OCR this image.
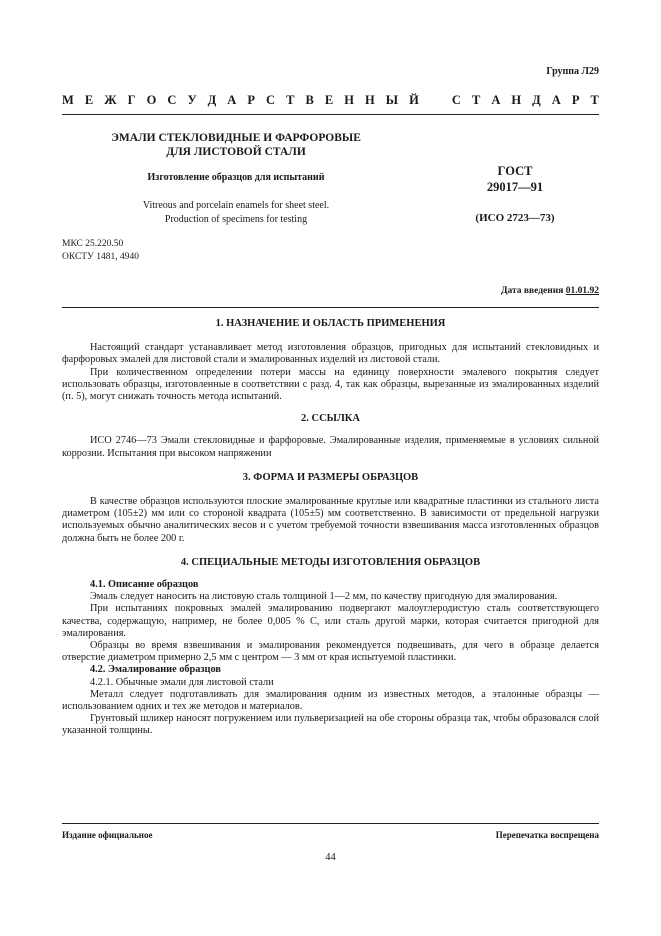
Группа Л29
М Е Ж Г О С У Д А Р С Т В Е Н Н Ы Й	С Т А Н Д А Р Т
ЭМАЛИ СТЕКЛОВИДНЫЕ И ФАРФОРОВЫЕ
ДЛЯ ЛИСТОВОЙ СТАЛИ
Изготовление образцов для испытаний
Vitreous and porcelain enamels for sheet steel.
Production of specimens for testing
ГОСТ
29017—91
(ИСО 2723—73)
МКС 25.220.50
ОКСТУ 1481, 4940
Дата введения 01.01.92
1. НАЗНАЧЕНИЕ И ОБЛАСТЬ ПРИМЕНЕНИЯ

Настоящий стандарт устанавливает метод изготовления образцов, пригодных для испытаний стекловидных и фарфоровых эмалей для листовой стали и эмалированных изделий из листовой стали.

При количественном определении потери массы на единицу поверхности эмалевого покрытия следует использовать образцы, изготовленные в соответствии с разд. 4, так как образцы, вырезанные из эмалированных изделий (п. 5), могут снижать точность метода испытаний.

2. ССЫЛКА

ИСО 2746—73 Эмали стекловидные и фарфоровые. Эмалированные изделия, применяемые в условиях сильной коррозии. Испытания при высоком напряжении

3. ФОРМА И РАЗМЕРЫ ОБРАЗЦОВ

В качестве образцов используются плоские эмалированные круглые или квадратные пластинки из стального листа диаметром (105±2) мм или со стороной квадрата (105±5) мм соответственно. В зависимости от предельной нагрузки используемых обычно аналитических весов и с учетом требуемой точности взвешивания масса изготовленных образцов должна быть не более 200 г.

4. СПЕЦИАЛЬНЫЕ МЕТОДЫ ИЗГОТОВЛЕНИЯ ОБРАЗЦОВ
4.1. Описание образцов

Эмаль следует наносить на листовую сталь толщиной 1—2 мм, по качеству пригодную для эмалирования.

При испытаниях покровных эмалей эмалированию подвергают малоуглеродистую сталь соответствующего качества, содержащую, например, не более 0,005 % С, или сталь другой марки, которая считается пригодной для эмалирования.

Образцы во время взвешивания и эмалирования рекомендуется подвешивать, для чего в образце делается отверстие диаметром примерно 2,5 мм с центром — 3 мм от края испытуемой пластинки.

4.2. Эмалирование образцов
4.2.1. Обычные эмали для листовой стали

Металл следует подготавливать для эмалирования одним из известных методов, а эталонные образцы — использованием одних и тех же методов и материалов.

Грунтовый шликер наносят погружением или пульверизацией на обе стороны образца так, чтобы образовался слой указанной толщины.

Издание официальное	Перепечатка воспрещена
44
